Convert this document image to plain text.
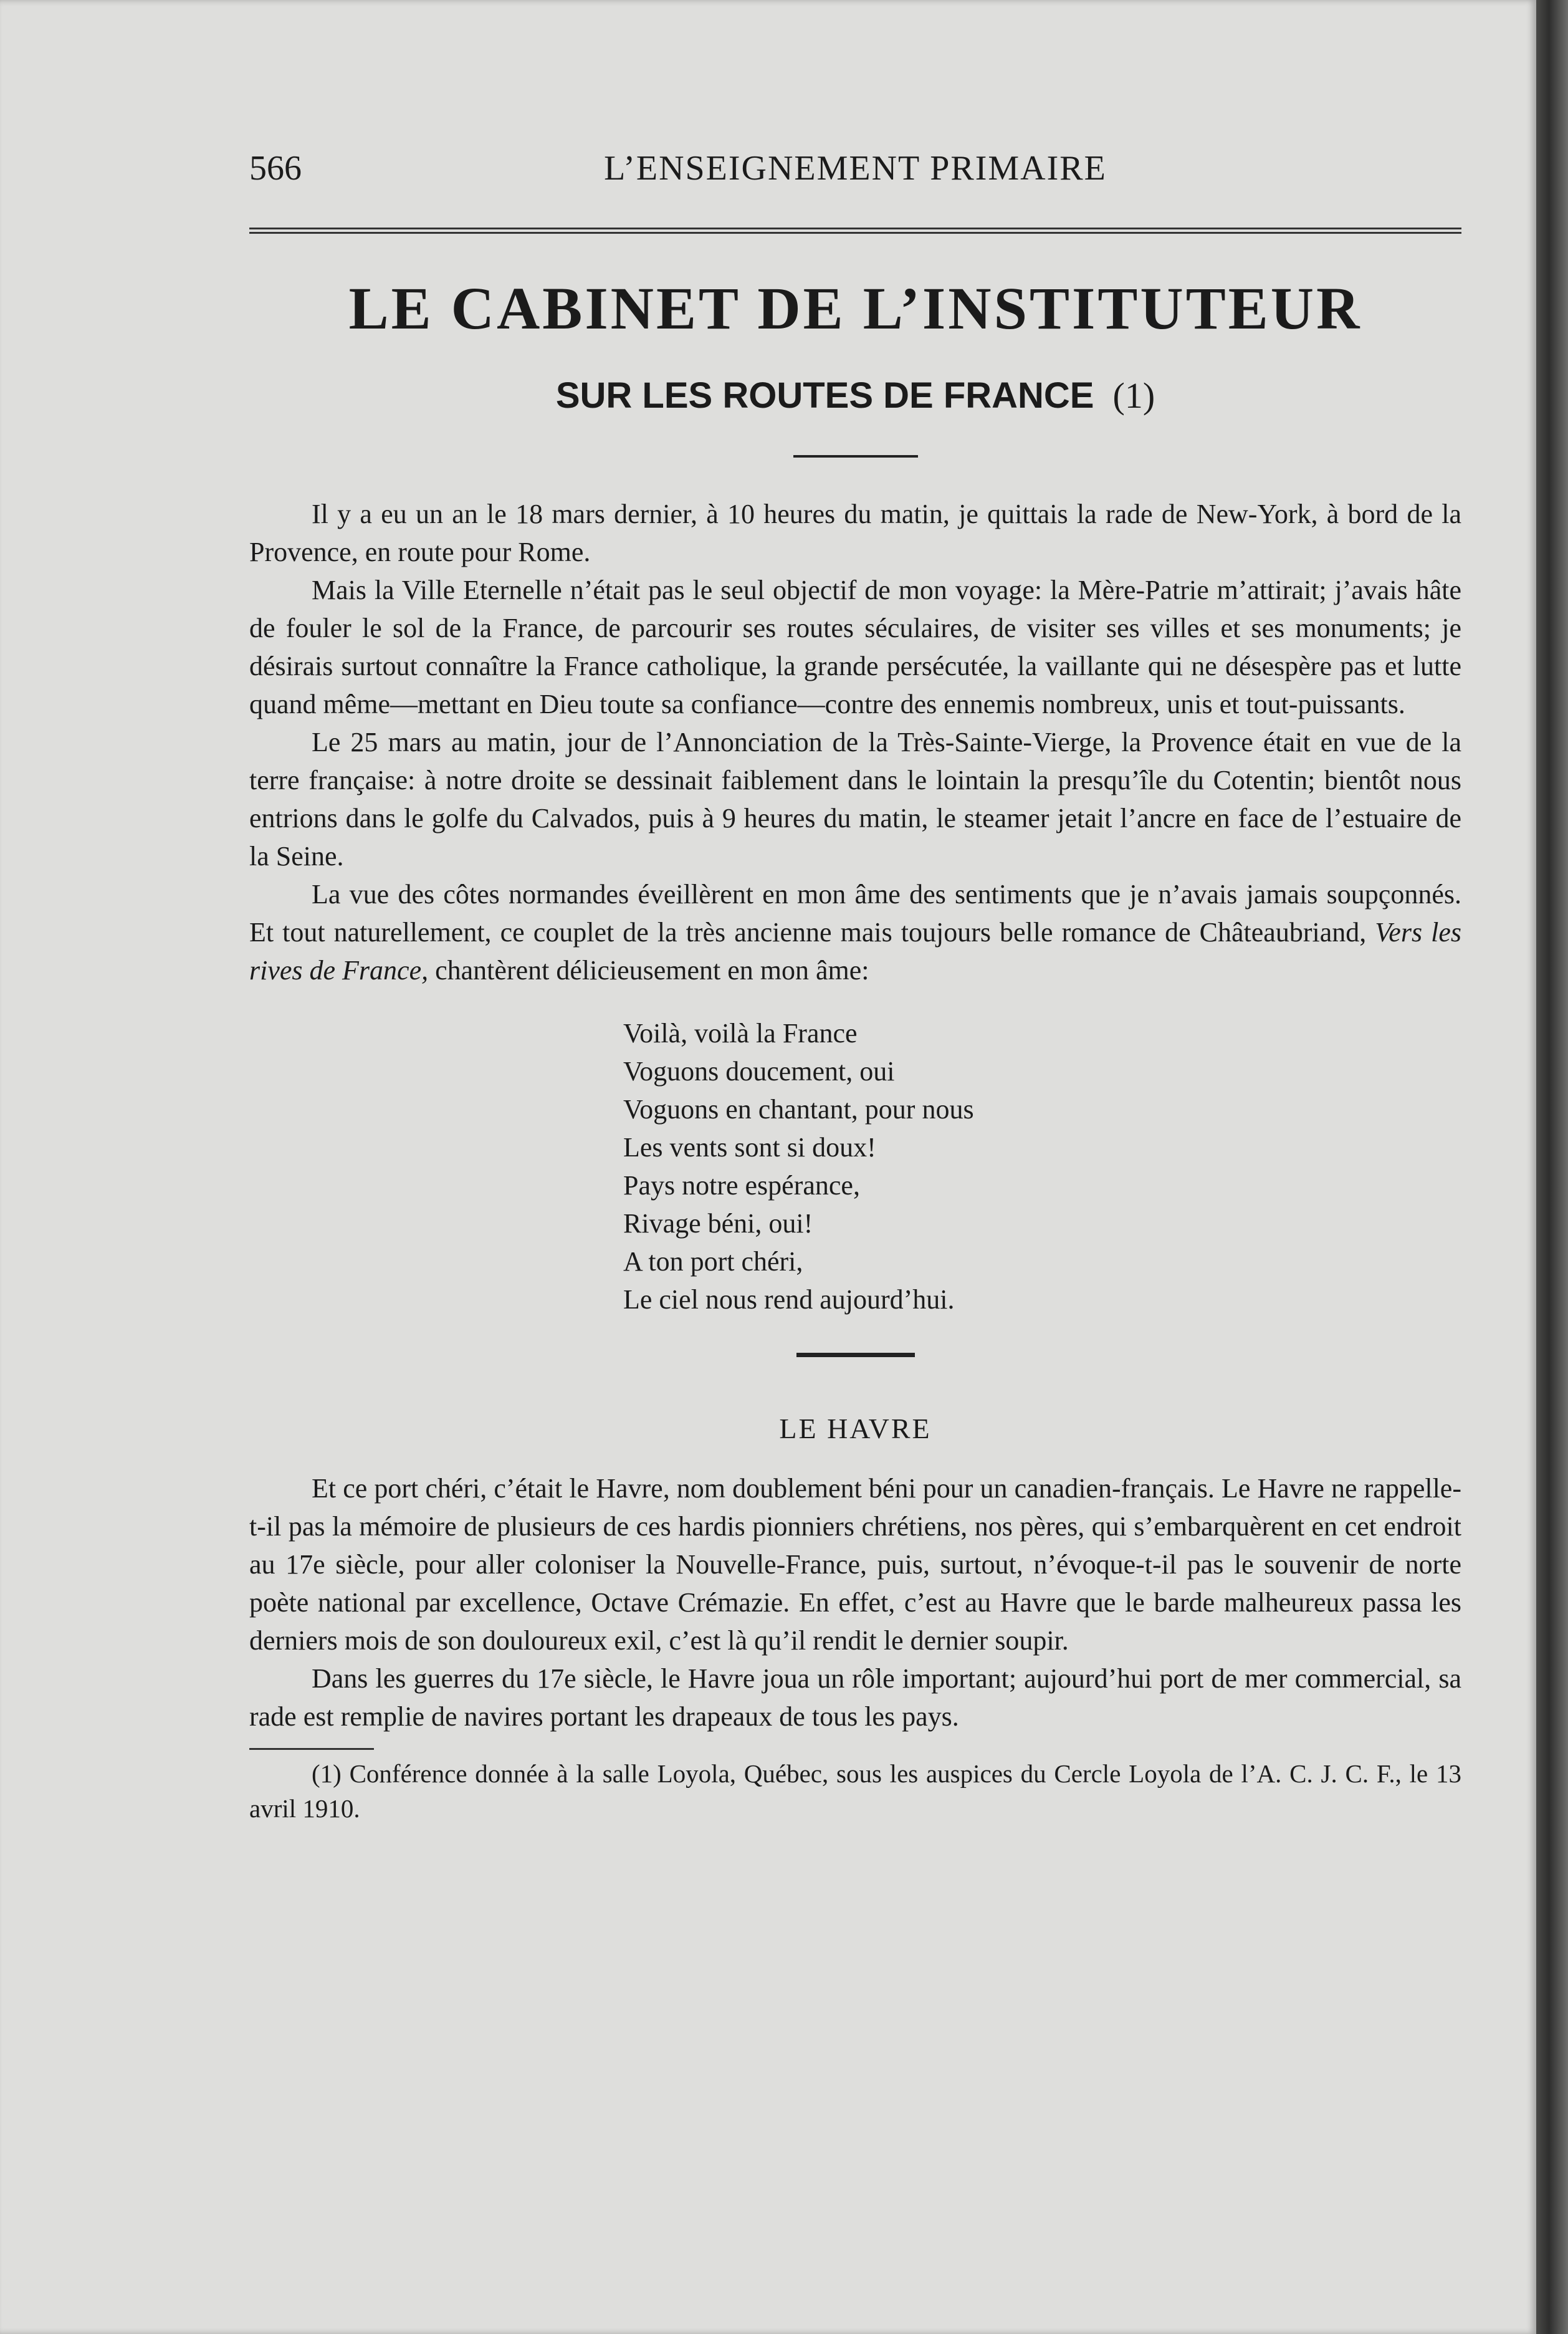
566	L’ENSEIGNEMENT PRIMAIRE
LE CABINET DE L’INSTITUTEUR
SUR LES ROUTES DE FRANCE (1)

Il y a eu un an le 18 mars dernier, à 10 heures du matin, je quittais la rade de New-York, à bord de la Provence, en route pour Rome.

Mais la Ville Eternelle n’était pas le seul objectif de mon voyage: la Mère-Patrie m’attirait; j’avais hâte de fouler le sol de la France, de parcourir ses routes séculaires, de visiter ses villes et ses monuments; je désirais surtout connaître la France catholique, la grande persécutée, la vaillante qui ne désespère pas et lutte quand même—mettant en Dieu toute sa confiance—contre des ennemis nombreux, unis et tout-puissants.

Le 25 mars au matin, jour de l’Annonciation de la Très-Sainte-Vierge, la Provence était en vue de la terre française: à notre droite se dessinait faiblement dans le lointain la presqu’île du Cotentin; bientôt nous entrions dans le golfe du Calvados, puis à 9 heures du matin, le steamer jetait l’ancre en face de l’estuaire de la Seine.

La vue des côtes normandes éveillèrent en mon âme des sentiments que je n’avais jamais soupçonnés. Et tout naturellement, ce couplet de la très ancienne mais toujours belle romance de Châteaubriand, Vers les rives de France, chantèrent délicieusement en mon âme:

Voilà, voilà la France
Voguons doucement, oui
Voguons en chantant, pour nous
Les vents sont si doux!
Pays notre espérance,
Rivage béni, oui!
A ton port chéri,
Le ciel nous rend aujourd’hui.
LE HAVRE

Et ce port chéri, c’était le Havre, nom doublement béni pour un canadien-français. Le Havre ne rappelle-t-il pas la mémoire de plusieurs de ces hardis pionniers chrétiens, nos pères, qui s’embarquèrent en cet endroit au 17e siècle, pour aller coloniser la Nouvelle-France, puis, surtout, n’évoque-t-il pas le souvenir de norte poète national par excellence, Octave Crémazie. En effet, c’est au Havre que le barde malheureux passa les derniers mois de son douloureux exil, c’est là qu’il rendit le dernier soupir.

Dans les guerres du 17e siècle, le Havre joua un rôle important; aujourd’hui port de mer commercial, sa rade est remplie de navires portant les drapeaux de tous les pays.

(1) Conférence donnée à la salle Loyola, Québec, sous les auspices du Cercle Loyola de l’A. C. J. C. F., le 13 avril 1910.
